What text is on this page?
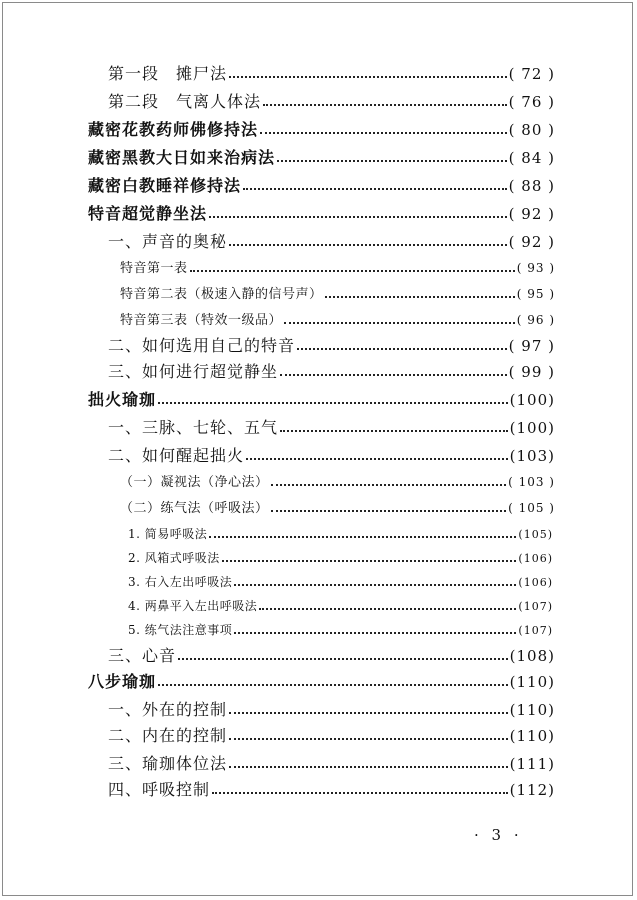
第一段　摊尸法	( 72 )
第二段　气离人体法	( 76 )
藏密花教药师佛修持法	( 80 )
藏密黑教大日如来治病法	( 84 )
藏密白教睡祥修持法	( 88 )
特音超觉静坐法	( 92 )
一、声音的奥秘	( 92 )
特音第一表	( 93 )
特音第二表（极速入静的信号声）	( 95 )
特音第三表（特效一级品）	( 96 )
二、如何选用自己的特音	( 97 )
三、如何进行超觉静坐	( 99 )
拙火瑜珈	(100)
一、三脉、七轮、五气	(100)
二、如何醒起拙火	(103)
（一）凝视法（净心法）	( 103 )
（二）练气法（呼吸法）	( 105 )
1. 简易呼吸法	(105)
2. 风箱式呼吸法	(106)
3. 右入左出呼吸法	(106)
4. 两鼻平入左出呼吸法	(107)
5. 练气法注意事项	(107)
三、心音	(108)
八步瑜珈	(110)
一、外在的控制	(110)
二、内在的控制	(110)
三、瑜珈体位法	(111)
四、呼吸控制	(112)
· 3 ·
